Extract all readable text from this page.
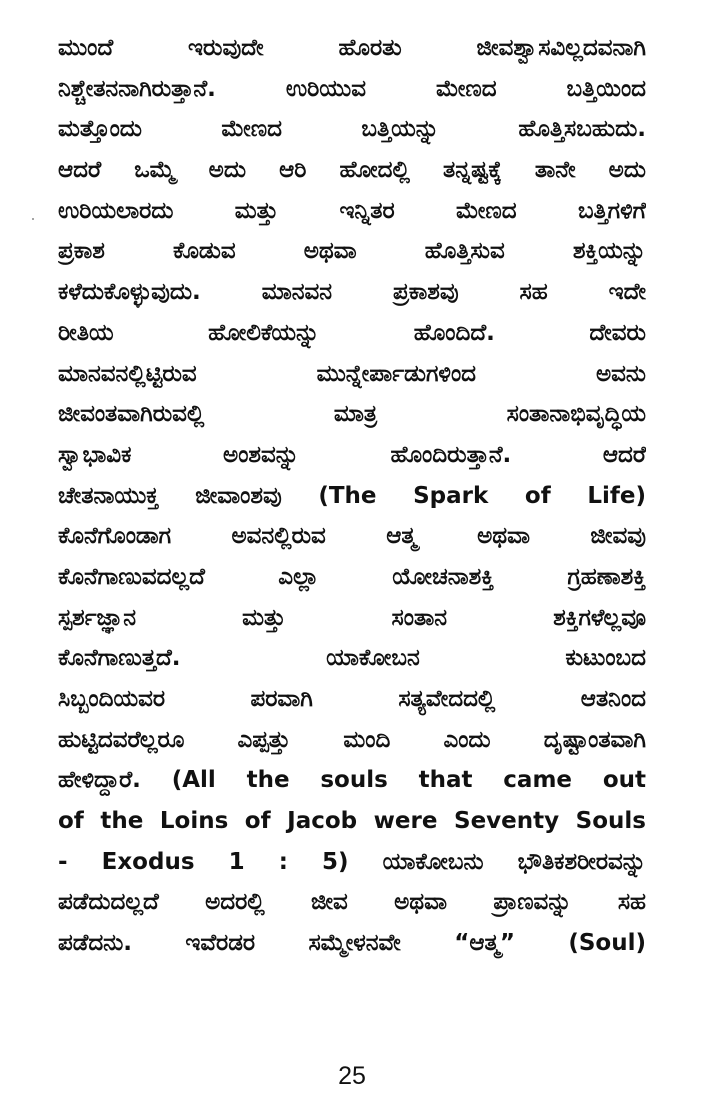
ಮುಂದೆ ಇರುವುದೇ ಹೊರತು ಜೀವಶ್ವಾಸವಿಲ್ಲದವನಾಗಿ
ನಿಶ್ಚೇತನನಾಗಿರುತ್ತಾನೆ. ಉರಿಯುವ ಮೇಣದ ಬತ್ತಿಯಿಂದ
ಮತ್ತೊಂದು ಮೇಣದ ಬತ್ತಿಯನ್ನು ಹೊತ್ತಿಸಬಹುದು.
ಆದರೆ ಒಮ್ಮೆ ಅದು ಆರಿ ಹೋದಲ್ಲಿ ತನ್ನಷ್ಟಕ್ಕೆ ತಾನೇ ಅದು
ಉರಿಯಲಾರದು ಮತ್ತು ಇನ್ನಿತರ ಮೇಣದ ಬತ್ತಿಗಳಿಗೆ
ಪ್ರಕಾಶ ಕೊಡುವ ಅಥವಾ ಹೊತ್ತಿಸುವ ಶಕ್ತಿಯನ್ನು
ಕಳೆದುಕೊಳ್ಳುವುದು. ಮಾನವನ ಪ್ರಕಾಶವು ಸಹ ಇದೇ
ರೀತಿಯ ಹೋಲಿಕೆಯನ್ನು ಹೊಂದಿದೆ. ದೇವರು
ಮಾನವನಲ್ಲಿಟ್ಟಿರುವ ಮುನ್ನೇರ್ಪಾಡುಗಳಿಂದ ಅವನು
ಜೀವಂತವಾಗಿರುವಲ್ಲಿ ಮಾತ್ರ ಸಂತಾನಾಭಿವೃದ್ಧಿಯ
ಸ್ವಾಭಾವಿಕ ಅಂಶವನ್ನು ಹೊಂದಿರುತ್ತಾನೆ. ಆದರೆ
ಚೇತನಾಯುಕ್ತ ಜೀವಾಂಶವು (The Spark of Life)
ಕೊನೆಗೊಂಡಾಗ ಅವನಲ್ಲಿರುವ ಆತ್ಮ ಅಥವಾ ಜೀವವು
ಕೊನೆಗಾಣುವದಲ್ಲದೆ ಎಲ್ಲಾ ಯೋಚನಾಶಕ್ತಿ ಗ್ರಹಣಾಶಕ್ತಿ
ಸ್ಪರ್ಶಜ್ಞಾನ ಮತ್ತು ಸಂತಾನ ಶಕ್ತಿಗಳೆಲ್ಲವೂ
ಕೊನೆಗಾಣುತ್ತದೆ. ಯಾಕೋಬನ ಕುಟುಂಬದ
ಸಿಬ್ಬಂದಿಯವರ ಪರವಾಗಿ ಸತ್ಯವೇದದಲ್ಲಿ ಆತನಿಂದ
ಹುಟ್ಟಿದವರೆಲ್ಲರೂ ಎಪ್ಪತ್ತು ಮಂದಿ ಎಂದು ದೃಷ್ಟಾಂತವಾಗಿ
ಹೇಳಿದ್ದಾರೆ. (All the souls that came out
of the Loins of Jacob were Seventy Souls
- Exodus 1 : 5) ಯಾಕೋಬನು ಭೌತಿಕಶರೀರವನ್ನು
ಪಡೆದುದಲ್ಲದೆ ಅದರಲ್ಲಿ ಜೀವ ಅಥವಾ ಪ್ರಾಣವನ್ನು ಸಹ
ಪಡೆದನು. ಇವೆರಡರ ಸಮ್ಮೇಳನವೇ “ಆತ್ಮ” (Soul)
25
